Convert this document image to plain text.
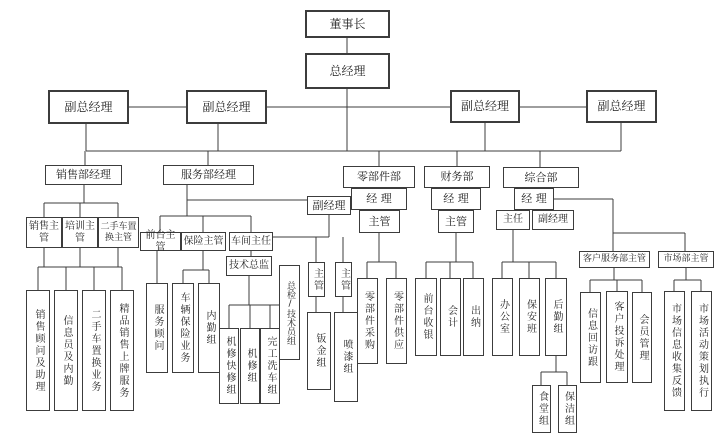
董事长
总经理
副总经理	副总经理	副总经理	副总经理
销售部经理
销售主管
培训主管
二手车置换主管
销售顾问及助理	信息员及内勤	二手车置换业务	精品销售上牌服务
服务部经理
副经理
前台主管
保险主管 车间主任
技术总监
服务顾问	车辆保险业务	内勤组
机修快修组	机修组 完工洗车组
总检/技术员组
主管	主管
钣金组	喷漆组
零部件部
经 理
主管
零部件采购	零部件供应
财务部
经 理
主管
前台收银	会计	出纳
综合部
经 理
主任	副经理
办公室	保安班	后勤组
食堂组	保洁组
客户服务部主管	市场部主管
信息回访跟	客户投诉处理	会员管理	市场信息收集反馈	市场活动策划执行
